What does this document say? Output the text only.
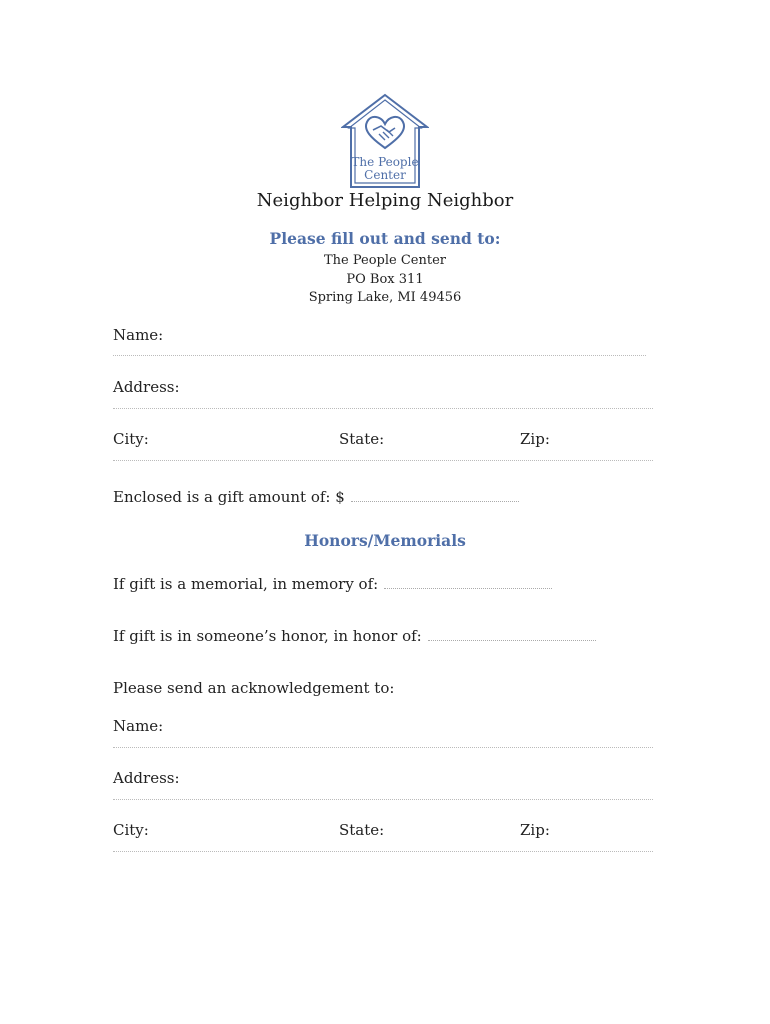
The People
Center
Neighbor Helping Neighbor
Please fill out and send to:
The People Center
PO Box 311
Spring Lake, MI 49456
Name:
Address:
City:	State:	Zip:
Enclosed is a gift amount of: $
Honors/Memorials
If gift is a memorial, in memory of:
If gift is in someone’s honor, in honor of:
Please send an acknowledgement to:
Name:
Address:
City:	State:	Zip:
